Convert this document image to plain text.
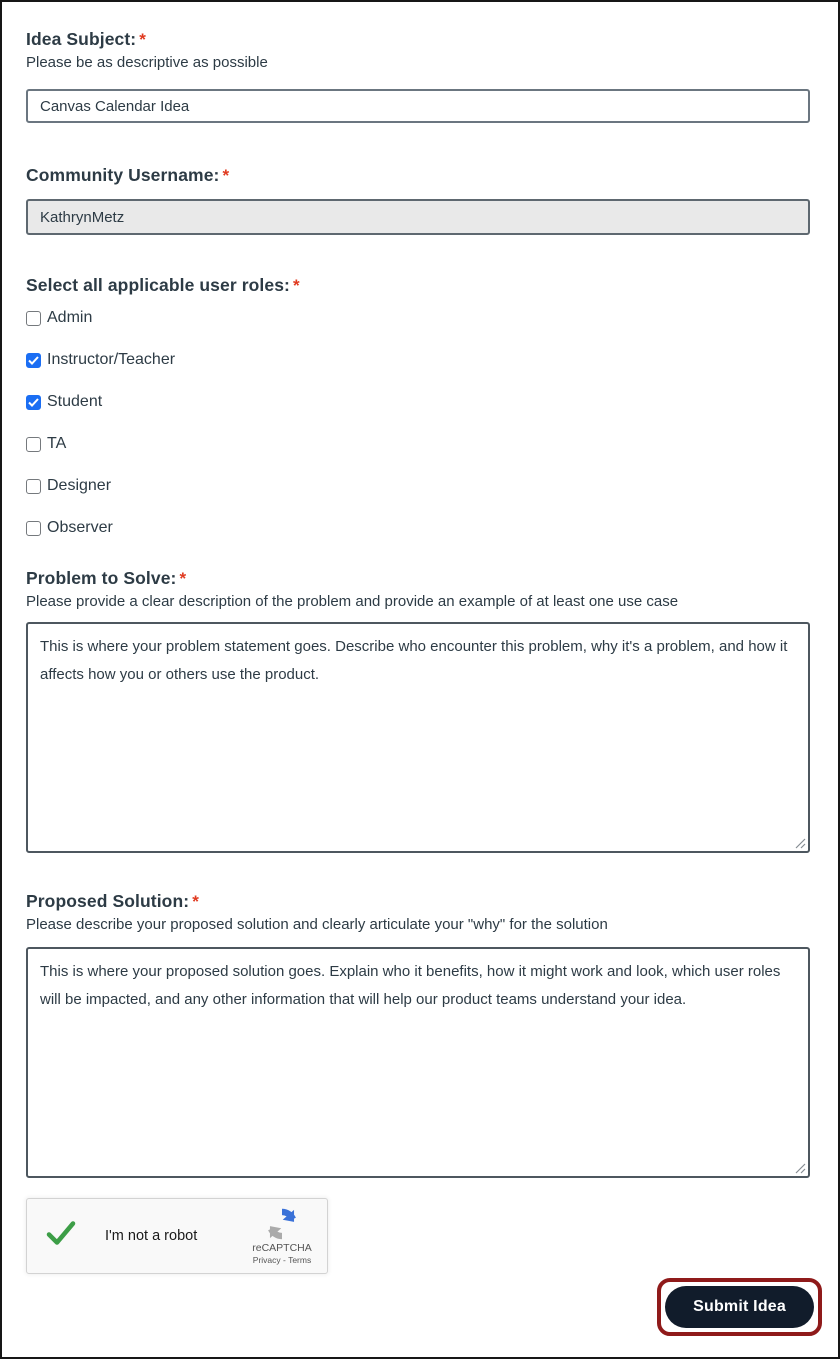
Idea Subject: *
Please be as descriptive as possible
Canvas Calendar Idea
Community Username: *
KathrynMetz
Select all applicable user roles: *
Admin
Instructor/Teacher
Student
TA
Designer
Observer
Problem to Solve: *
Please provide a clear description of the problem and provide an example of at least one use case
This is where your problem statement goes. Describe who encounter this problem, why it's a problem, and how it affects how you or others use the product.
Proposed Solution: *
Please describe your proposed solution and clearly articulate your "why" for the solution
This is where your proposed solution goes. Explain who it benefits, how it might work and look, which user roles will be impacted, and any other information that will help our product teams understand your idea.
I'm not a robot
reCAPTCHA
Privacy - Terms
Submit Idea
